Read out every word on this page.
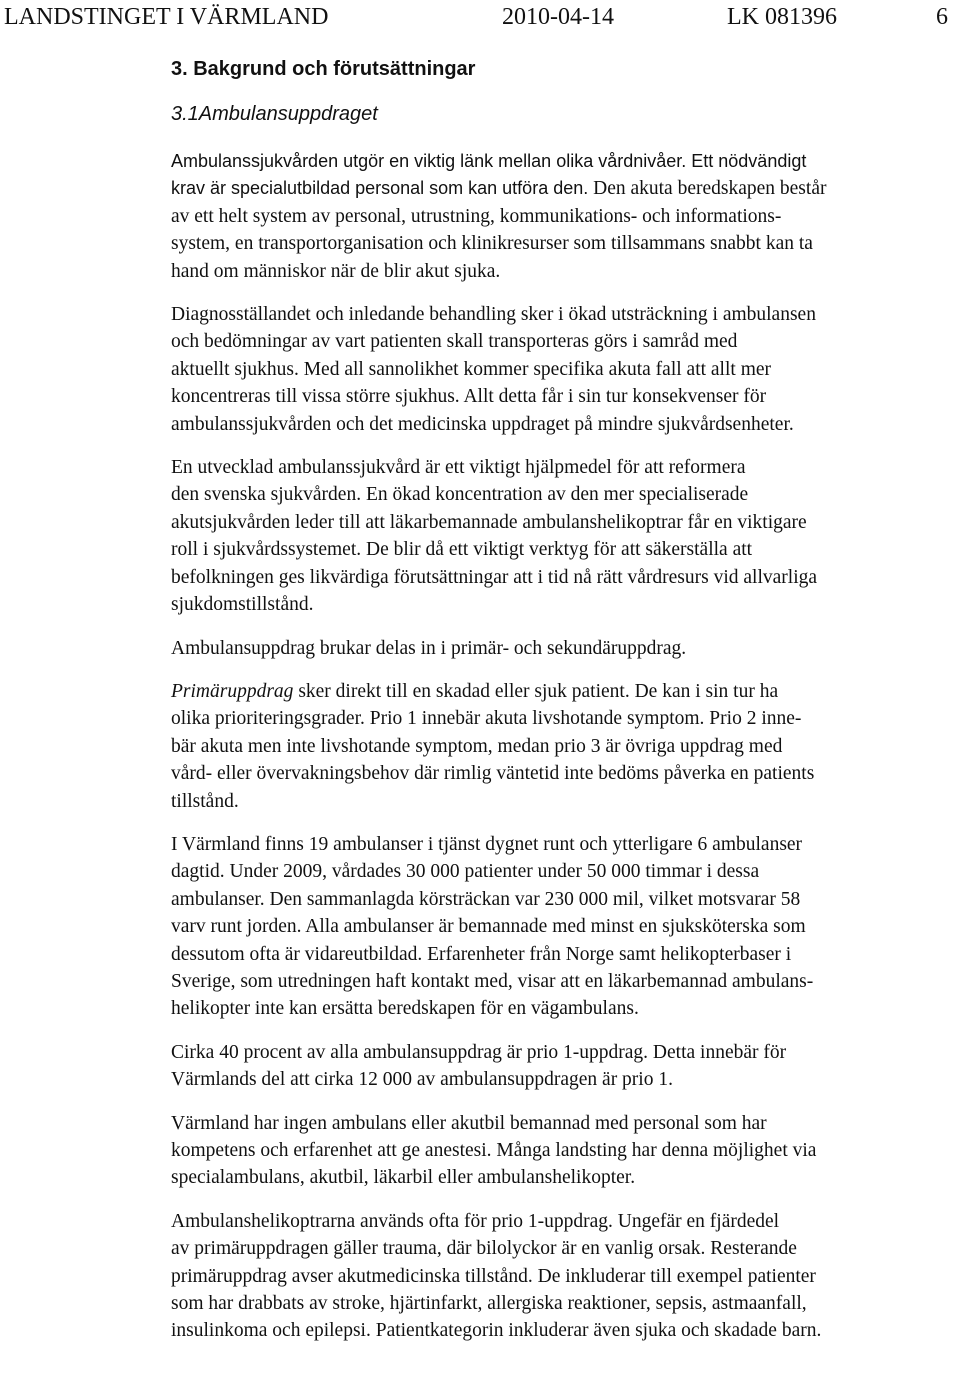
LANDSTINGET I VÄRMLAND	2010-04-14	LK 081396	6
3. Bakgrund och förutsättningar
3.1Ambulansuppdraget
Ambulanssjukvården utgör en viktig länk mellan olika vårdnivåer. Ett nödvändigt
krav är specialutbildad personal som kan utföra den. Den akuta beredskapen består
av ett helt system av personal, utrustning, kommunikations- och informations-
system, en transportorganisation och klinikresurser som tillsammans snabbt kan ta
hand om människor när de blir akut sjuka.
Diagnosställandet och inledande behandling sker i ökad utsträckning i ambulansen
och bedömningar av vart patienten skall transporteras görs i samråd med
aktuellt sjukhus. Med all sannolikhet kommer specifika akuta fall att allt mer
koncentreras till vissa större sjukhus. Allt detta får i sin tur konsekvenser för
ambulanssjukvården och det medicinska uppdraget på mindre sjukvårdsenheter.
En utvecklad ambulanssjukvård är ett viktigt hjälpmedel för att reformera
den svenska sjukvården. En ökad koncentration av den mer specialiserade
akutsjukvården leder till att läkarbemannade ambulanshelikoptrar får en viktigare
roll i sjukvårdssystemet. De blir då ett viktigt verktyg för att säkerställa att
befolkningen ges likvärdiga förutsättningar att i tid nå rätt vårdresurs vid allvarliga
sjukdomstillstånd.
Ambulansuppdrag brukar delas in i primär- och sekundäruppdrag.
Primäruppdrag sker direkt till en skadad eller sjuk patient. De kan i sin tur ha
olika prioriteringsgrader. Prio 1 innebär akuta livshotande symptom. Prio 2 inne-
bär akuta men inte livshotande symptom, medan prio 3 är övriga uppdrag med
vård- eller övervakningsbehov där rimlig väntetid inte bedöms påverka en patients
tillstånd.
I Värmland finns 19 ambulanser i tjänst dygnet runt och ytterligare 6 ambulanser
dagtid. Under 2009, vårdades 30 000 patienter under 50 000 timmar i dessa
ambulanser. Den sammanlagda körsträckan var 230 000 mil, vilket motsvarar 58
varv runt jorden. Alla ambulanser är bemannade med minst en sjuksköterska som
dessutom ofta är vidareutbildad. Erfarenheter från Norge samt helikopterbaser i
Sverige, som utredningen haft kontakt med, visar att en läkarbemannad ambulans-
helikopter inte kan ersätta beredskapen för en vägambulans.
Cirka 40 procent av alla ambulansuppdrag är prio 1-uppdrag. Detta innebär för
Värmlands del att cirka 12 000 av ambulansuppdragen är prio 1.
Värmland har ingen ambulans eller akutbil bemannad med personal som har
kompetens och erfarenhet att ge anestesi. Många landsting har denna möjlighet via
specialambulans, akutbil, läkarbil eller ambulanshelikopter.
Ambulanshelikoptrarna används ofta för prio 1-uppdrag. Ungefär en fjärdedel
av primäruppdragen gäller trauma, där bilolyckor är en vanlig orsak. Resterande
primäruppdrag avser akutmedicinska tillstånd. De inkluderar till exempel patienter
som har drabbats av stroke, hjärtinfarkt, allergiska reaktioner, sepsis, astmaanfall,
insulinkoma och epilepsi. Patientkategorin inkluderar även sjuka och skadade barn.
